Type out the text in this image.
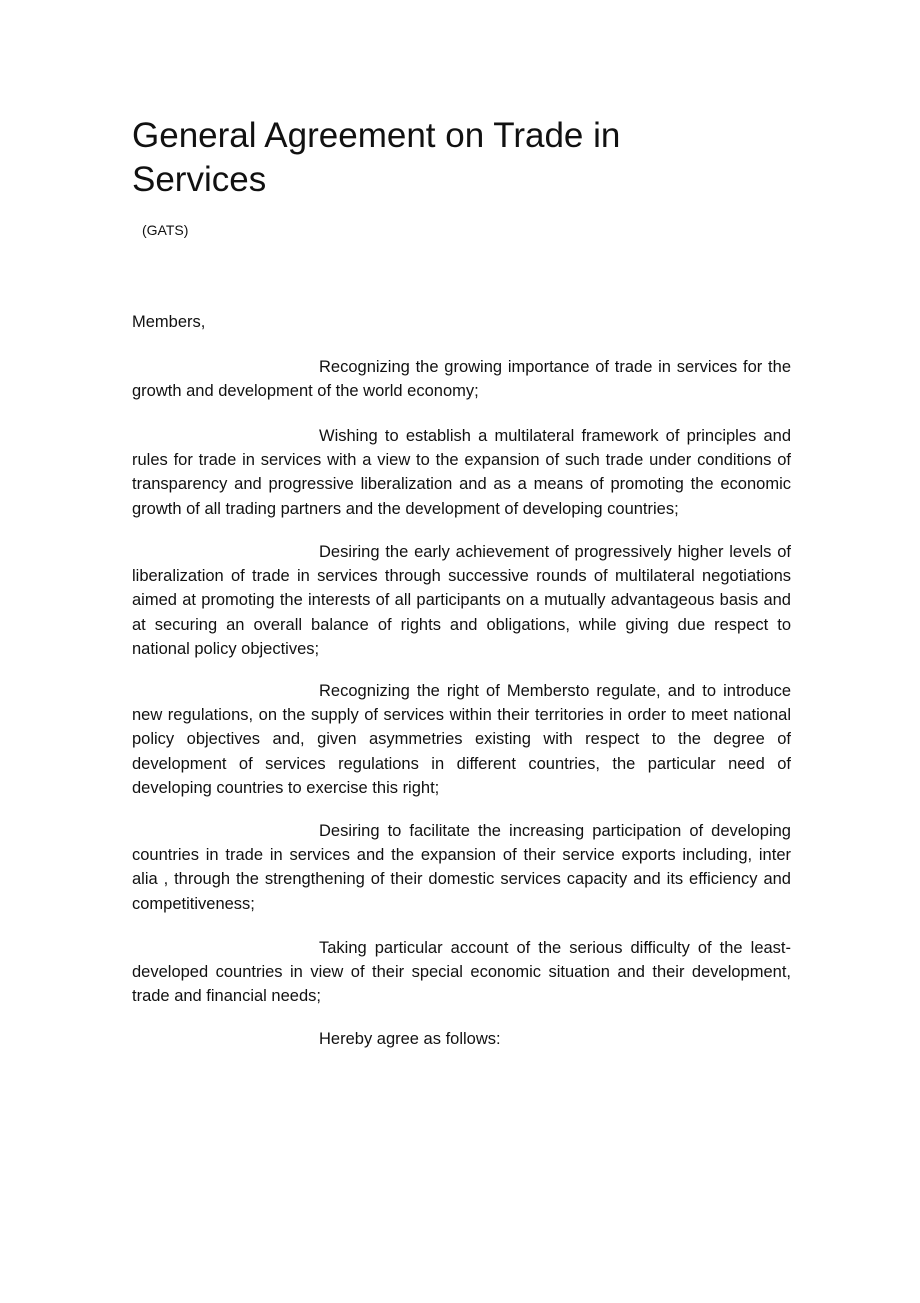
General Agreement on Trade in Services

(GATS)

Members,

Recognizing the growing importance of trade in services for the growth and development of the world economy;

Wishing to establish a multilateral framework of principles and rules for trade in services with a view to the expansion of such trade under conditions of transparency and progressive liberalization and as a means of promoting the economic growth of all trading partners and the development of developing countries;

Desiring the early achievement of progressively higher levels of liberalization of trade in services through successive rounds of multilateral negotiations aimed at promoting the interests of all participants on a mutually advantageous basis and at securing an overall balance of rights and obligations, while giving due respect to national policy objectives;

Recognizing the right of Membersto regulate, and to introduce new regulations, on the supply of services within their territories in order to meet national policy objectives and, given asymmetries existing with respect to the degree of development of services regulations in different countries, the particular need of developing countries to exercise this right;

Desiring to facilitate the increasing participation of developing countries in trade in services and the expansion of their service exports including, inter alia , through the strengthening of their domestic services capacity and its efficiency and competitiveness;

Taking particular account of the serious difficulty of the least-developed countries in view of their special economic situation and their development, trade and financial needs;

Hereby agree as follows:
